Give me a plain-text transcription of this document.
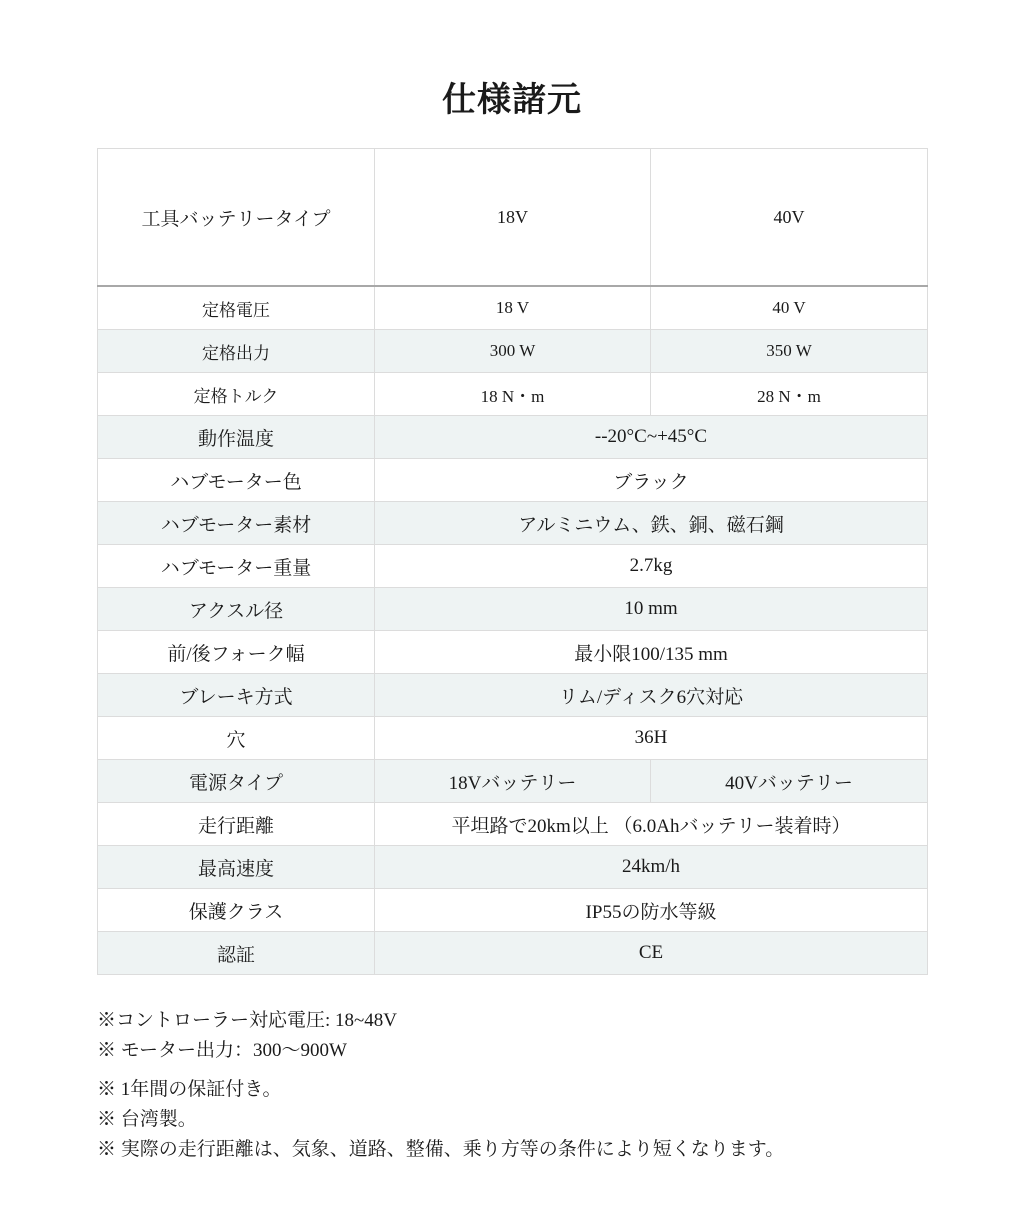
仕様諸元
工具バッテリータイプ	18V	40V
定格電圧	18 V	40 V
定格出力	300 W	350 W
定格トルク	18 N・m	28 N・m
動作温度	--20°C~+45°C	
ハブモーター色	ブラック	
ハブモーター素材	アルミニウム、鉄、銅、磁石鋼	
ハブモーター重量	2.7kg	
アクスル径	10 mm	
前/後フォーク幅	最小限100/135 mm	
ブレーキ方式	リム/ディスク6穴対応	
穴	36H	
電源タイプ	18Vバッテリー	40Vバッテリー
走行距離	平坦路で20km以上 （6.0Ahバッテリー装着時）	
最高速度	24km/h	
保護クラス	IP55の防水等級	
認証	CE	
※コントローラー対応電圧: 18~48V
※ モーター出力：300〜900W
※ 1年間の保証付き。
※ 台湾製。
※ 実際の走行距離は、気象、道路、整備、乗り方等の条件により短くなります。
